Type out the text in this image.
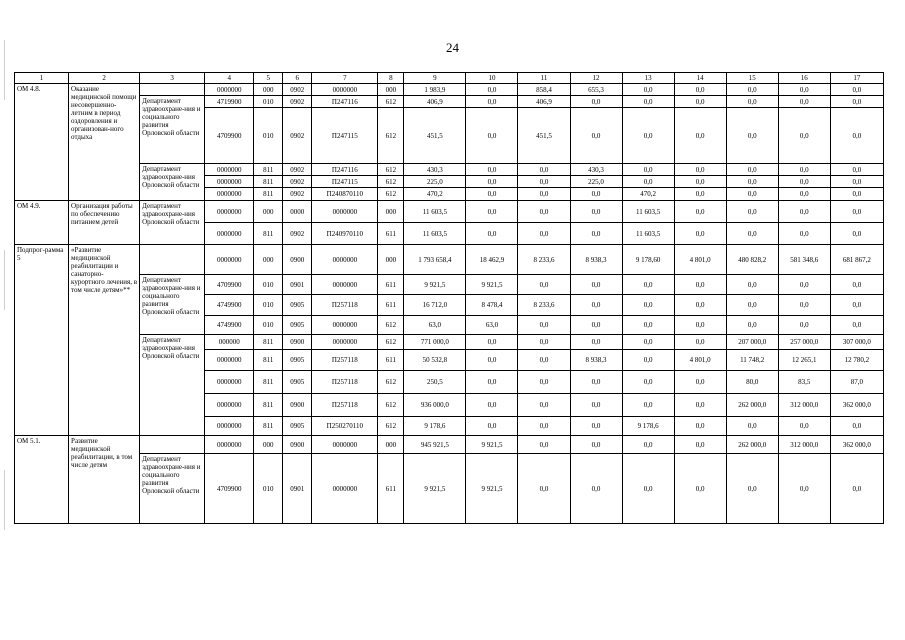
24
1	2	3	4	5	6	7	8	9	10	11	12	13	14	15	16	17
ОМ 4.8.	Оказание медицинской помощи несовершенно-летним в период оздоровления и организован-ного отдыха		0000000	000	0902	0000000	000	1 983,9	0,0	858,4	655,3	0,0	0,0	0,0	0,0	0,0
		Департамент здравоохране-ния и социального развития Орловской области	4719900	010	0902	П247116	612	406,9	0,0	406,9	0,0	0,0	0,0	0,0	0,0	0,0
			4709900	010	0902	П247115	612	451,5	0,0	451,5	0,0	0,0	0,0	0,0	0,0	0,0
		Департамент здравоохране-ния Орловской области	0000000	811	0902	П247116	612	430,3	0,0	0,0	430,3	0,0	0,0	0,0	0,0	0,0
			0000000	811	0902	П247115	612	225,0	0,0	0,0	225,0	0,0	0,0	0,0	0,0	0,0
			0000000	811	0902	П240870110	612	470,2	0,0	0,0	0,0	470,2	0,0	0,0	0,0	0,0
ОМ 4.9.	Организация работы по обеспечению питанием детей	Департамент здравоохране-ния Орловской области	0000000	000	0000	0000000	000	11 603,5	0,0	0,0	0,0	11 603,5	0,0	0,0	0,0	0,0
			0000000	811	0902	П240970110	611	11 603,5	0,0	0,0	0,0	11 603,5	0,0	0,0	0,0	0,0
Подпрог-рамма 5	«Развитие медицинской реабилитации и санаторно-курортного лечения, в том числе детям»**		0000000	000	0900	0000000	000	1 793 658,4	18 462,9	8 233,6	8 938,3	9 178,60	4 801,0	480 828,2	581 348,6	681 867,2
		Департамент здравоохране-ния и социального развития Орловской области	4709900	010	0901	0000000	611	9 921,5	9 921,5	0,0	0,0	0,0	0,0	0,0	0,0	0,0
			4749900	010	0905	П257118	611	16 712,0	8 478,4	8 233,6	0,0	0,0	0,0	0,0	0,0	0,0
			4749900	010	0905	0000000	612	63,0	63,0	0,0	0,0	0,0	0,0	0,0	0,0	0,0
		Департамент здравоохране-ния Орловской области	000000	811	0900	0000000	612	771 000,0	0,0	0,0	0,0	0,0	0,0	207 000,0	257 000,0	307 000,0
			0000000	811	0905	П257118	611	50 532,8	0,0	0,0	8 938,3	0,0	4 801,0	11 748,2	12 265,1	12 780,2
			0000000	811	0905	П257118	612	250,5	0,0	0,0	0,0	0,0	0,0	80,0	83,5	87,0
			0000000	811	0900	П257118	612	936 000,0	0,0	0,0	0,0	0,0	0,0	262 000,0	312 000,0	362 000,0
			0000000	811	0905	П250270110	612	9 178,6	0,0	0,0	0,0	9 178,6	0,0	0,0	0,0	0,0
ОМ 5.1.	Развитие медицинской реабилитации, в том числе детям		0000000	000	0900	0000000	000	945 921,5	9 921,5	0,0	0,0	0,0	0,0	262 000,0	312 000,0	362 000,0
		Департамент здравоохране-ния и социального развития Орловской области	4709900	010	0901	0000000	611	9 921,5	9 921,5	0,0	0,0	0,0	0,0	0,0	0,0	0,0
